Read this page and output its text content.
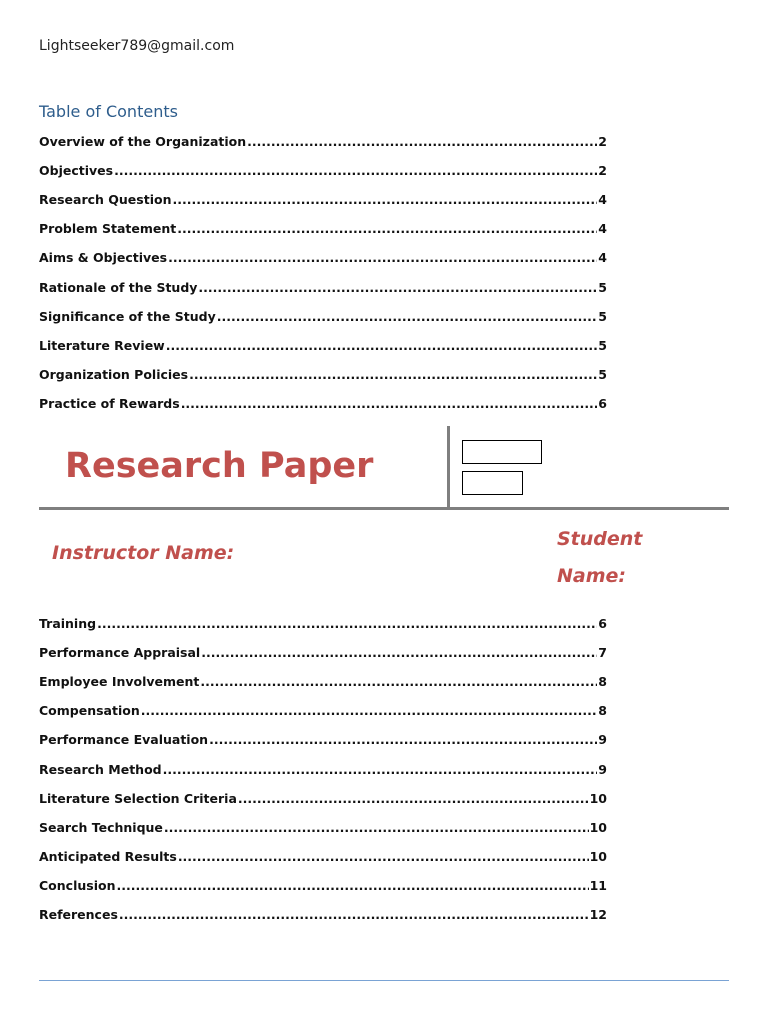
Lightseeker789@gmail.com
Table of Contents
Overview of the Organization .....	2
Objectives .....	2
Research Question .....	4
Problem Statement .....	4
Aims & Objectives .....	4
Rationale of the Study .....	5
Significance of the Study .....	5
Literature Review .....	5
Organization Policies .....	5
Practice of Rewards .....	6
Research Paper
Instructor Name:
Student Name:
Training .....	6
Performance Appraisal .....	7
Employee Involvement .....	8
Compensation .....	8
Performance Evaluation .....	9
Research Method .....	9
Literature Selection Criteria .....	10
Search Technique .....	10
Anticipated Results .....	10
Conclusion .....	11
References .....	12
